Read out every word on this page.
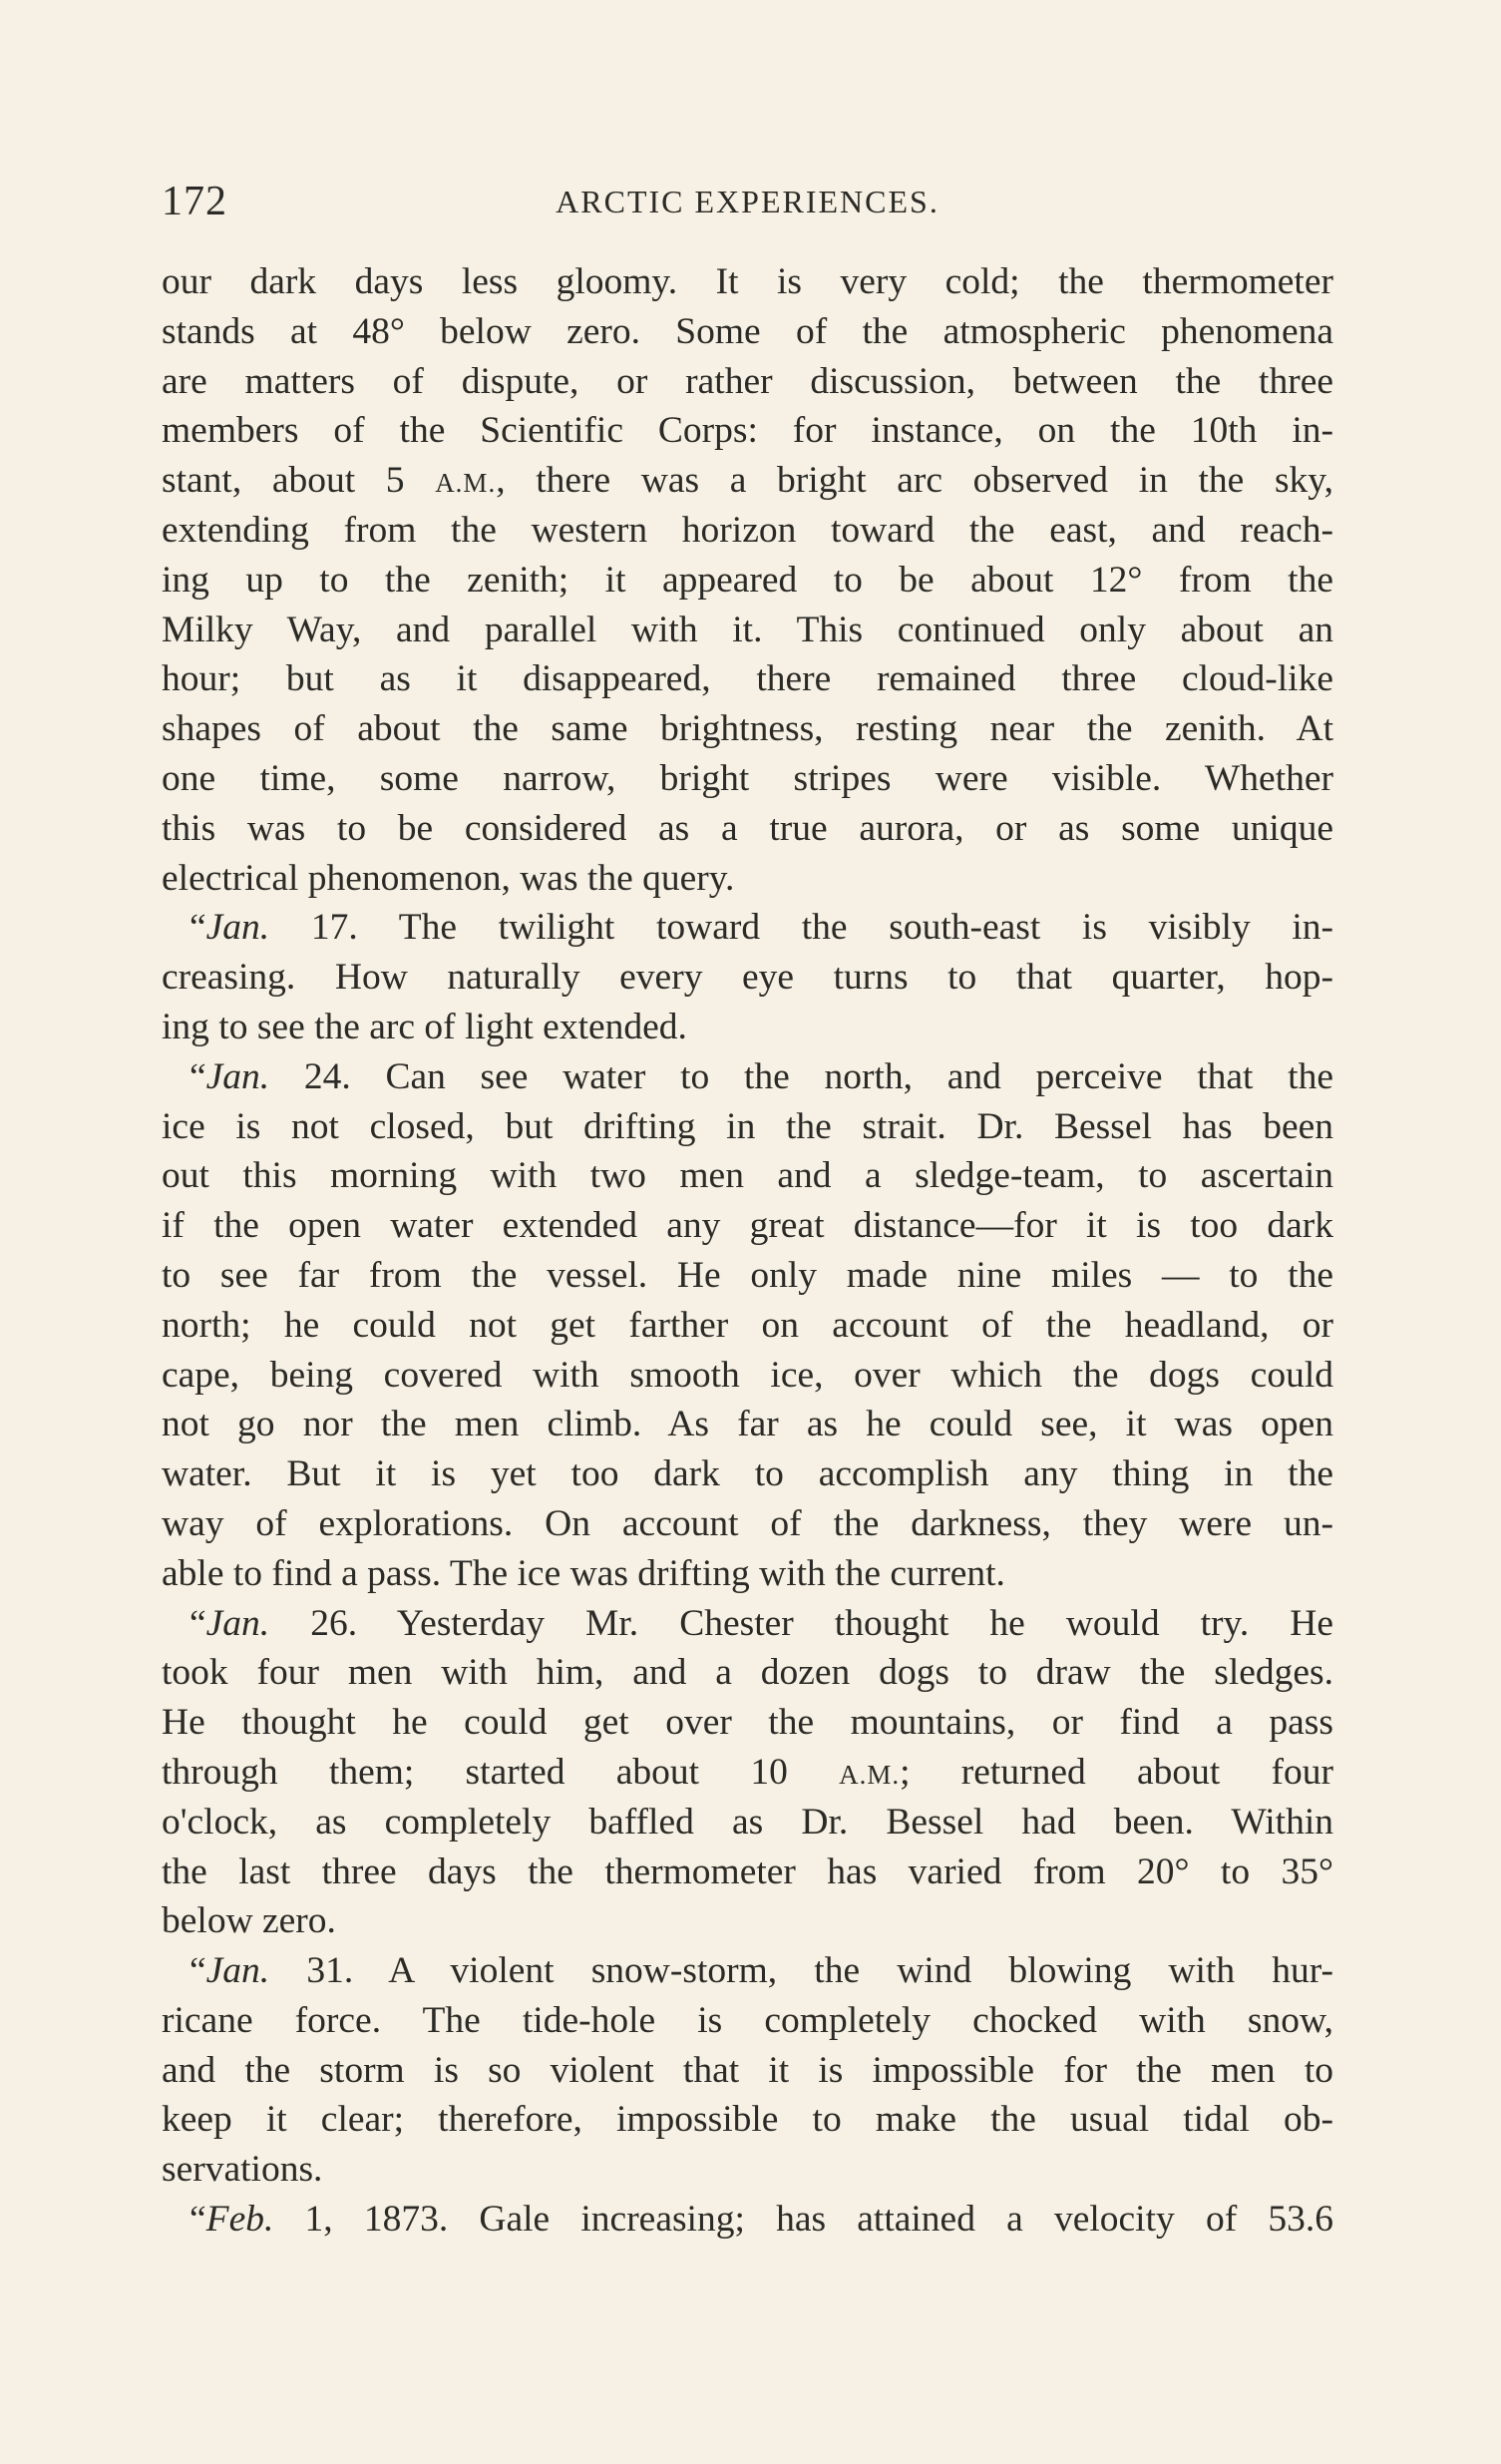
172	ARCTIC EXPERIENCES.
our dark days less gloomy. It is very cold; the thermometer
stands at 48° below zero. Some of the atmospheric phenomena
are matters of dispute, or rather discussion, between the three
members of the Scientific Corps: for instance, on the 10th in-
stant, about 5 A.M., there was a bright arc observed in the sky,
extending from the western horizon toward the east, and reach-
ing up to the zenith; it appeared to be about 12° from the
Milky Way, and parallel with it. This continued only about an
hour; but as it disappeared, there remained three cloud-like
shapes of about the same brightness, resting near the zenith. At
one time, some narrow, bright stripes were visible. Whether
this was to be considered as a true aurora, or as some unique
electrical phenomenon, was the query.
“Jan. 17. The twilight toward the south-east is visibly in-
creasing. How naturally every eye turns to that quarter, hop-
ing to see the arc of light extended.
“Jan. 24. Can see water to the north, and perceive that the
ice is not closed, but drifting in the strait. Dr. Bessel has been
out this morning with two men and a sledge-team, to ascertain
if the open water extended any great distance—for it is too dark
to see far from the vessel. He only made nine miles — to the
north; he could not get farther on account of the headland, or
cape, being covered with smooth ice, over which the dogs could
not go nor the men climb. As far as he could see, it was open
water. But it is yet too dark to accomplish any thing in the
way of explorations. On account of the darkness, they were un-
able to find a pass. The ice was drifting with the current.
“Jan. 26. Yesterday Mr. Chester thought he would try. He
took four men with him, and a dozen dogs to draw the sledges.
He thought he could get over the mountains, or find a pass
through them; started about 10 A.M.; returned about four
o'clock, as completely baffled as Dr. Bessel had been. Within
the last three days the thermometer has varied from 20° to 35°
below zero.
“Jan. 31. A violent snow-storm, the wind blowing with hur-
ricane force. The tide-hole is completely chocked with snow,
and the storm is so violent that it is impossible for the men to
keep it clear; therefore, impossible to make the usual tidal ob-
servations.
“Feb. 1, 1873. Gale increasing; has attained a velocity of 53.6
